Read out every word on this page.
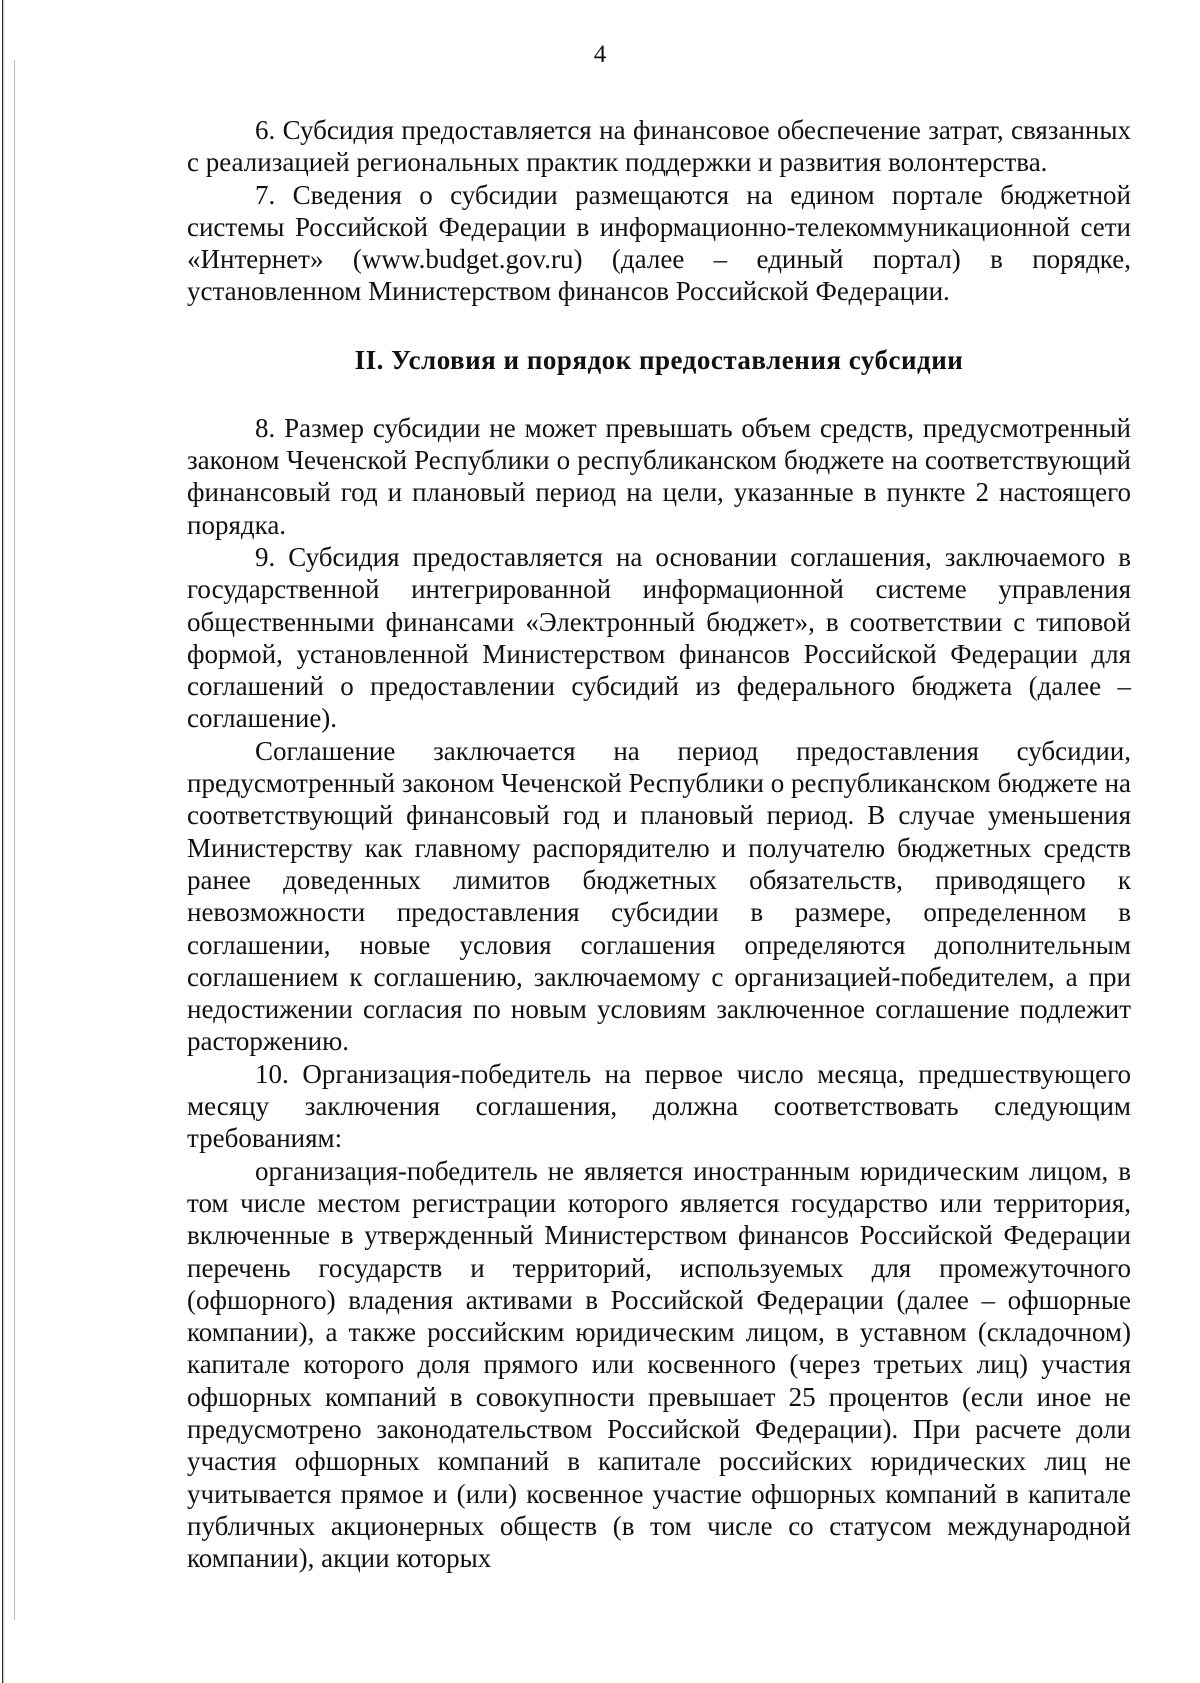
4

6. Субсидия предоставляется на финансовое обеспечение затрат, связанных с реализацией региональных практик поддержки и развития волонтерства.

7. Сведения о субсидии размещаются на едином портале бюджетной системы Российской Федерации в информационно-телекоммуникационной сети «Интернет» (www.budget.gov.ru) (далее – единый портал) в порядке, установленном Министерством финансов Российской Федерации.

II. Условия и порядок предоставления субсидии

8. Размер субсидии не может превышать объем средств, предусмотренный законом Чеченской Республики о республиканском бюджете на соответствующий финансовый год и плановый период на цели, указанные в пункте 2 настоящего порядка.

9. Субсидия предоставляется на основании соглашения, заключаемого в государственной интегрированной информационной системе управления общественными финансами «Электронный бюджет», в соответствии с типовой формой, установленной Министерством финансов Российской Федерации для соглашений о предоставлении субсидий из федерального бюджета (далее – соглашение).

Соглашение заключается на период предоставления субсидии, предусмотренный законом Чеченской Республики о республиканском бюджете на соответствующий финансовый год и плановый период. В случае уменьшения Министерству как главному распорядителю и получателю бюджетных средств ранее доведенных лимитов бюджетных обязательств, приводящего к невозможности предоставления субсидии в размере, определенном в соглашении, новые условия соглашения определяются дополнительным соглашением к соглашению, заключаемому с организацией-победителем, а при недостижении согласия по новым условиям заключенное соглашение подлежит расторжению.

10. Организация-победитель на первое число месяца, предшествующего месяцу заключения соглашения, должна соответствовать следующим требованиям:

организация-победитель не является иностранным юридическим лицом, в том числе местом регистрации которого является государство или территория, включенные в утвержденный Министерством финансов Российской Федерации перечень государств и территорий, используемых для промежуточного (офшорного) владения активами в Российской Федерации (далее – офшорные компании), а также российским юридическим лицом, в уставном (складочном) капитале которого доля прямого или косвенного (через третьих лиц) участия офшорных компаний в совокупности превышает 25 процентов (если иное не предусмотрено законодательством Российской Федерации). При расчете доли участия офшорных компаний в капитале российских юридических лиц не учитывается прямое и (или) косвенное участие офшорных компаний в капитале публичных акционерных обществ (в том числе со статусом международной компании), акции которых
